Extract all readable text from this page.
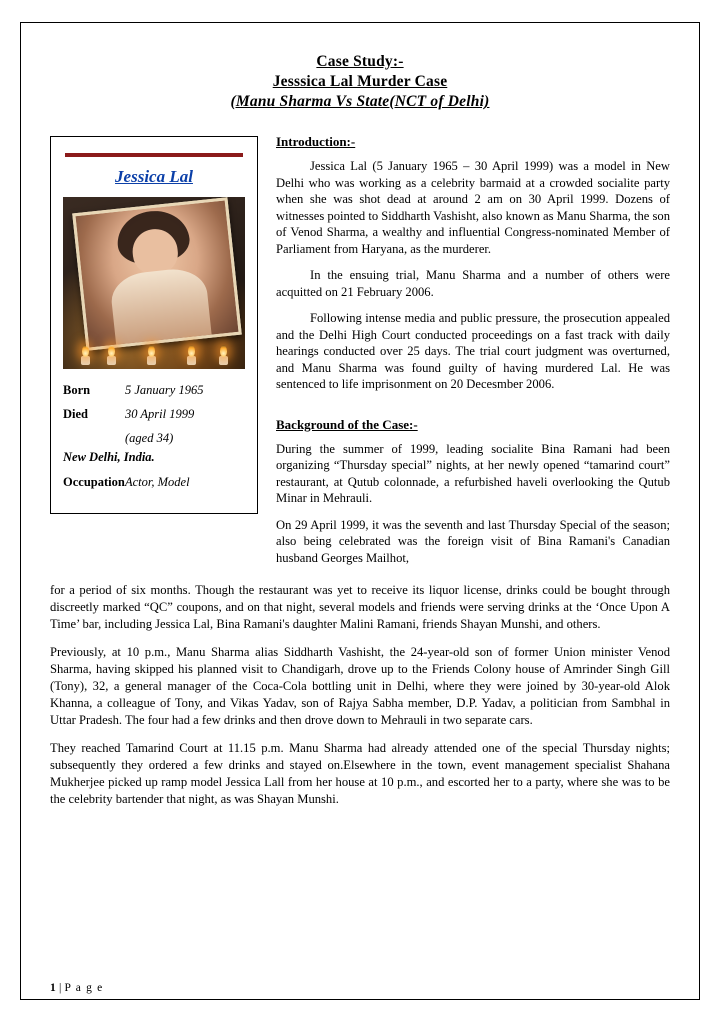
Case Study:-
Jesssica Lal Murder Case
(Manu Sharma Vs State(NCT of Delhi)
Jessica Lal
Born	5 January 1965
Died	30 April 1999
(aged 34)
New Delhi, India.
Occupation Actor, Model
Introduction:-

Jessica Lal (5 January 1965 – 30 April 1999) was a model in New Delhi who was working as a celebrity barmaid at a crowded socialite party when she was shot dead at around 2 am on 30 April 1999. Dozens of witnesses pointed to Siddharth Vashisht, also known as Manu Sharma, the son of Venod Sharma, a wealthy and influential Congress-nominated Member of Parliament from Haryana, as the murderer.

In the ensuing trial, Manu Sharma and a number of others were acquitted on 21 February 2006.

Following intense media and public pressure, the prosecution appealed and the Delhi High Court conducted proceedings on a fast track with daily hearings conducted over 25 days. The trial court judgment was overturned, and Manu Sharma was found guilty of having murdered Lal. He was sentenced to life imprisonment on 20 Decesmber 2006.

Background of the Case:-

During the summer of 1999, leading socialite Bina Ramani had been organizing “Thursday special” nights, at her newly opened “tamarind court” restaurant, at Qutub colonnade, a refurbished haveli overlooking the Qutub Minar in Mehrauli.

On 29 April 1999, it was the seventh and last Thursday Special of the season; also being celebrated was the foreign visit of Bina Ramani's Canadian husband Georges Mailhot,

for a period of six months. Though the restaurant was yet to receive its liquor license, drinks could be bought through discreetly marked “QC” coupons, and on that night, several models and friends were serving drinks at the ‘Once Upon A Time’ bar, including Jessica Lal, Bina Ramani's daughter Malini Ramani, friends Shayan Munshi, and others.

Previously, at 10 p.m., Manu Sharma alias Siddharth Vashisht, the 24-year-old son of former Union minister Venod Sharma, having skipped his planned visit to Chandigarh, drove up to the Friends Colony house of Amrinder Singh Gill (Tony), 32, a general manager of the Coca-Cola bottling unit in Delhi, where they were joined by 30-year-old Alok Khanna, a colleague of Tony, and Vikas Yadav, son of Rajya Sabha member, D.P. Yadav, a politician from Sambhal in Uttar Pradesh. The four had a few drinks and then drove down to Mehrauli in two separate cars.

They reached Tamarind Court at 11.15 p.m. Manu Sharma had already attended one of the special Thursday nights; subsequently they ordered a few drinks and stayed on.Elsewhere in the town, event management specialist Shahana Mukherjee picked up ramp model Jessica Lall from her house at 10 p.m., and escorted her to a party, where she was to be the celebrity bartender that night, as was Shayan Munshi.

1 | P a g e
